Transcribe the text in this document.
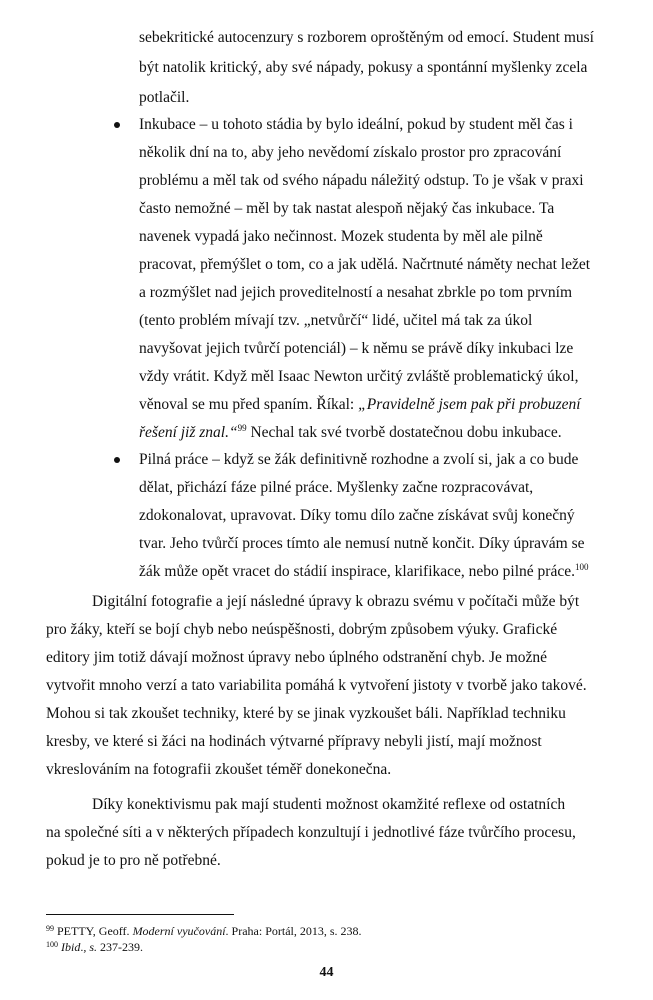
sebekritické autocenzury s rozborem oproštěným od emocí. Student musí
být natolik kritický, aby své nápady, pokusy a spontánní myšlenky zcela
potlačil.
Inkubace – u tohoto stádia by bylo ideální, pokud by student měl čas i
několik dní na to, aby jeho nevědomí získalo prostor pro zpracování
problému a měl tak od svého nápadu náležitý odstup. To je však v praxi
často nemožné – měl by tak nastat alespoň nějaký čas inkubace. Ta
navenek vypadá jako nečinnost. Mozek studenta by měl ale pilně
pracovat, přemýšlet o tom, co a jak udělá. Načrtnuté náměty nechat ležet
a rozmýšlet nad jejich proveditelností a nesahat zbrkle po tom prvním
(tento problém mívají tzv. „netvůrčí“ lidé, učitel má tak za úkol
navyšovat jejich tvůrčí potenciál) – k němu se právě díky inkubaci lze
vždy vrátit. Když měl Isaac Newton určitý zvláště problematický úkol,
věnoval se mu před spaním. Říkal: „Pravidelně jsem pak při probuzení
řešení již znal.“$^{99}$ Nechal tak své tvorbě dostatečnou dobu inkubace.
Pilná práce – když se žák definitivně rozhodne a zvolí si, jak a co bude
dělat, přichází fáze pilné práce. Myšlenky začne rozpracovávat,
zdokonalovat, upravovat. Díky tomu dílo začne získávat svůj konečný
tvar. Jeho tvůrčí proces tímto ale nemusí nutně končit. Díky úpravám se
žák může opět vracet do stádií inspirace, klarifikace, nebo pilné práce.$^{100}$
Digitální fotografie a její následné úpravy k obrazu svému v počítači může být
pro žáky, kteří se bojí chyb nebo neúspěšnosti, dobrým způsobem výuky. Grafické
editory jim totiž dávají možnost úpravy nebo úplného odstranění chyb. Je možné
vytvořit mnoho verzí a tato variabilita pomáhá k vytvoření jistoty v tvorbě jako takové.
Mohou si tak zkoušet techniky, které by se jinak vyzkoušet báli. Například techniku
kresby, ve které si žáci na hodinách výtvarné přípravy nebyli jistí, mají možnost
vkreslováním na fotografii zkoušet téměř donekonečna.
Díky konektivismu pak mají studenti možnost okamžité reflexe od ostatních
na společné síti a v některých případech konzultují i jednotlivé fáze tvůrčího procesu,
pokud je to pro ně potřebné.
$^{99}$ PETTY, Geoff. Moderní vyučování. Praha: Portál, 2013, s. 238.
$^{100}$ Ibid., s. 237-239.
44
